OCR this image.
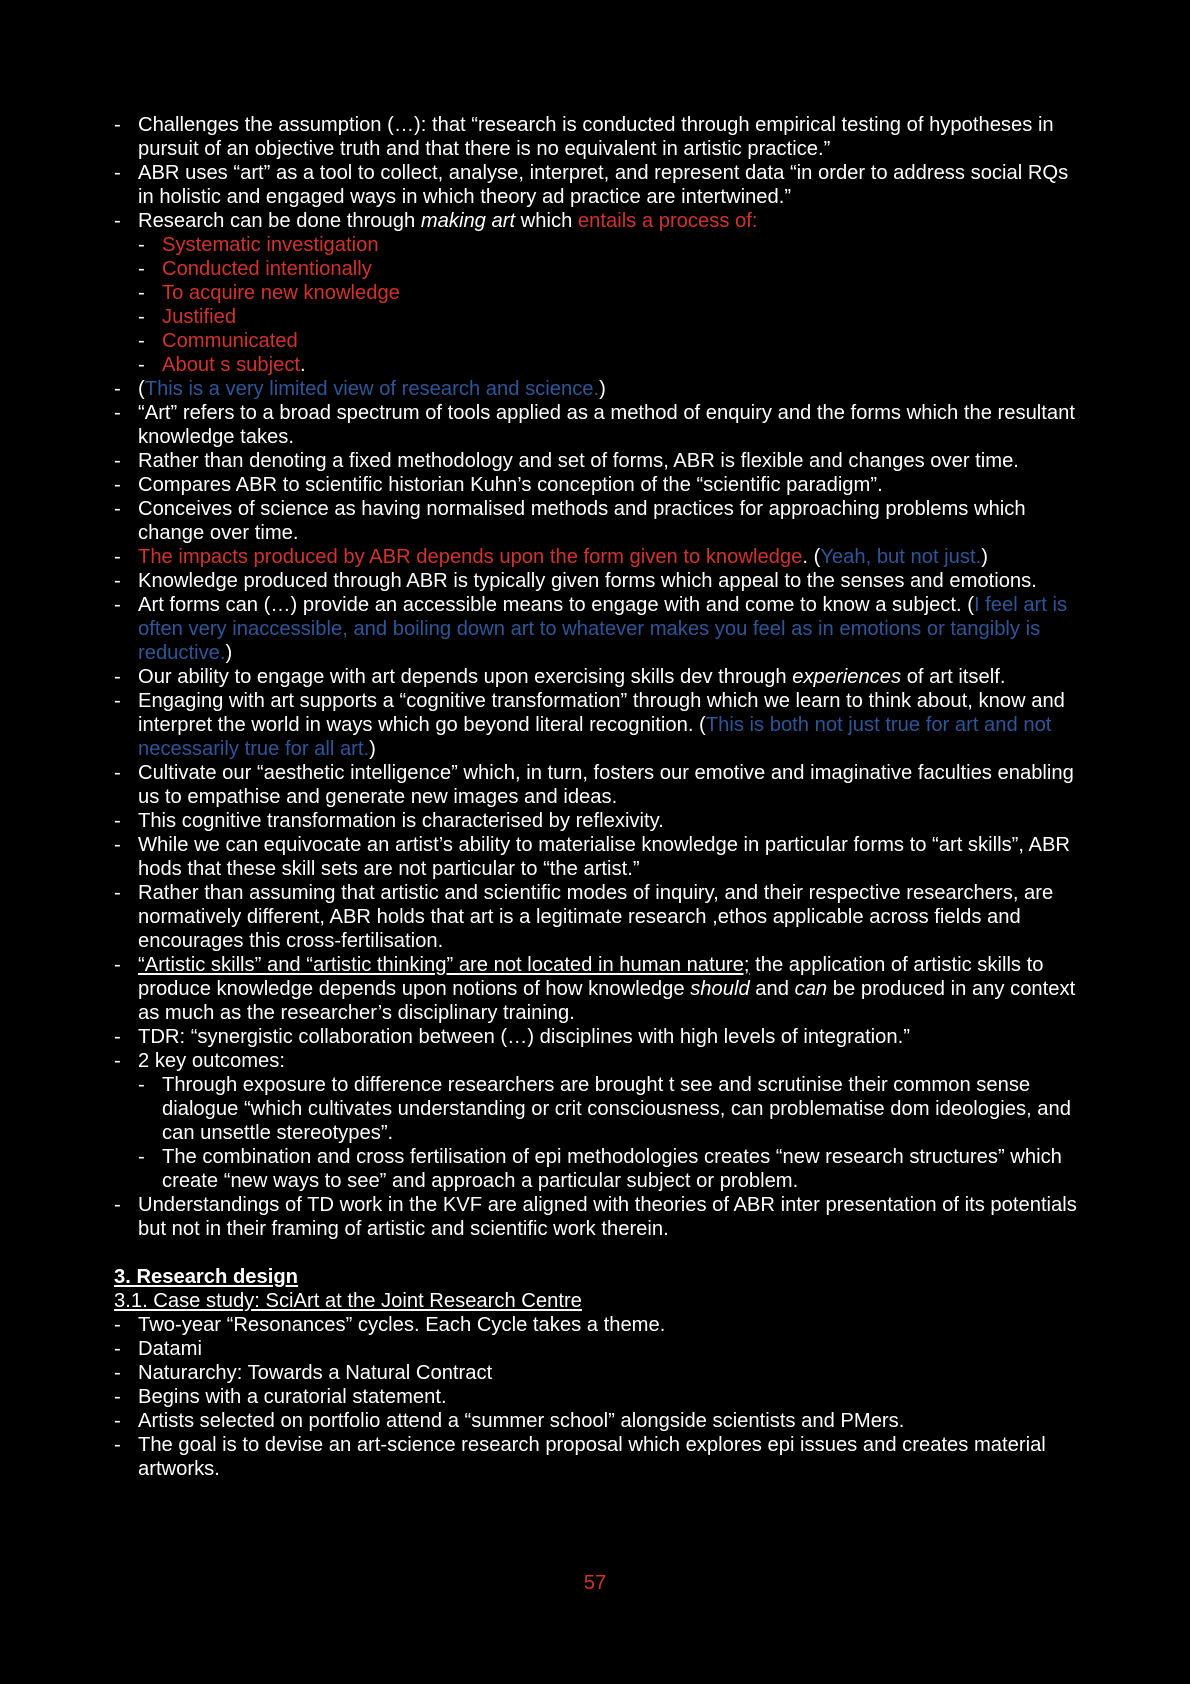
- Challenges the assumption (…): that “research is conducted through empirical testing of hypotheses in pursuit of an objective truth and that there is no equivalent in artistic practice.”
- ABR uses “art” as a tool to collect, analyse, interpret, and represent data “in order to address social RQs in holistic and engaged ways in which theory ad practice are intertwined.”
- Research can be done through making art which entails a process of:
- Systematic investigation
- Conducted intentionally
- To acquire new knowledge
- Justified
- Communicated
- About s subject.
- (This is a very limited view of research and science.)
- “Art” refers to a broad spectrum of tools applied as a method of enquiry and the forms which the resultant knowledge takes.
- Rather than denoting a fixed methodology and set of forms, ABR is flexible and changes over time.
- Compares ABR to scientific historian Kuhn’s conception of the “scientific paradigm”.
- Conceives of science as having normalised methods and practices for approaching problems which change over time.
- The impacts produced by ABR depends upon the form given to knowledge. (Yeah, but not just.)
- Knowledge produced through ABR is typically given forms which appeal to the senses and emotions.
- Art forms can (…) provide an accessible means to engage with and come to know a subject. (I feel art is often very inaccessible, and boiling down art to whatever makes you feel as in emotions or tangibly is reductive.)
- Our ability to engage with art depends upon exercising skills dev through experiences of art itself.
- Engaging with art supports a “cognitive transformation” through which we learn to think about, know and interpret the world in ways which go beyond literal recognition. (This is both not just true for art and not necessarily true for all art.)
- Cultivate our “aesthetic intelligence” which, in turn, fosters our emotive and imaginative faculties enabling us to empathise and generate new images and ideas.
- This cognitive transformation is characterised by reflexivity.
- While we can equivocate an artist’s ability to materialise knowledge in particular forms to “art skills”, ABR hods that these skill sets are not particular to “the artist.”
- Rather than assuming that artistic and scientific modes of inquiry, and their respective researchers, are normatively different, ABR holds that art is a legitimate research ,ethos applicable across fields and encourages this cross-fertilisation.
- “Artistic skills” and “artistic thinking” are not located in human nature; the application of artistic skills to produce knowledge depends upon notions of how knowledge should and can be produced in any context as much as the researcher’s disciplinary training.
- TDR: “synergistic collaboration between (…) disciplines with high levels of integration.”
- 2 key outcomes:
- Through exposure to difference researchers are brought t see and scrutinise their common sense dialogue “which cultivates understanding or crit consciousness, can problematise dom ideologies, and can unsettle stereotypes”.
- The combination and cross fertilisation of epi methodologies creates “new research structures” which create “new ways to see” and approach a particular subject or problem.
- Understandings of TD work in the KVF are aligned with theories of ABR inter presentation of its potentials but not in their framing of artistic and scientific work therein.
3. Research design
3.1. Case study: SciArt at the Joint Research Centre
- Two-year “Resonances” cycles. Each Cycle takes a theme.
- Datami
- Naturarchy: Towards a Natural Contract
- Begins with a curatorial statement.
- Artists selected on portfolio attend a “summer school” alongside scientists and PMers.
- The goal is to devise an art-science research proposal which explores epi issues and creates material artworks.
57
